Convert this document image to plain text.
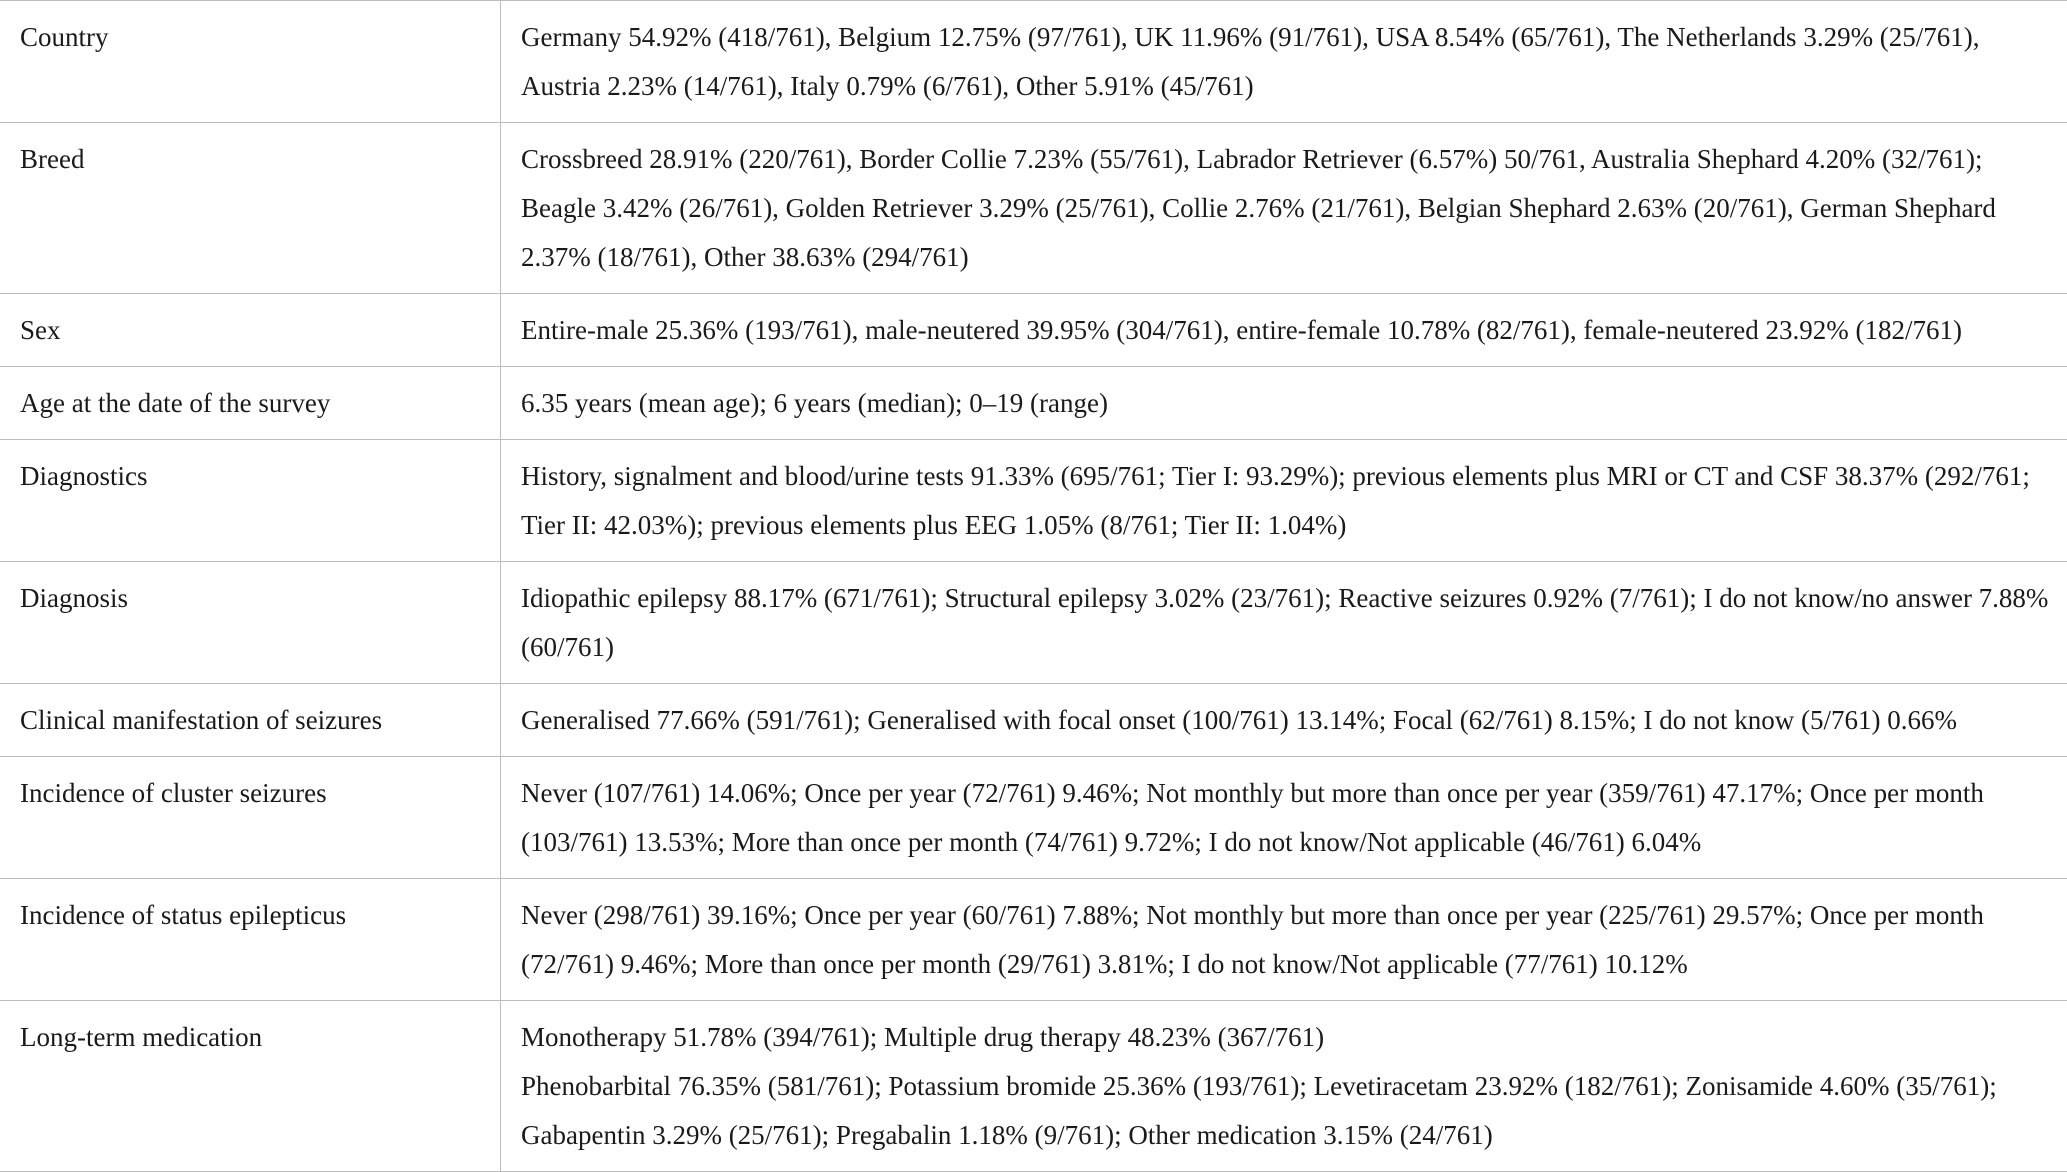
Country	Germany 54.92% (418/761), Belgium 12.75% (97/761), UK 11.96% (91/761), USA 8.54% (65/761), The Netherlands 3.29% (25/761), Austria 2.23% (14/761), Italy 0.79% (6/761), Other 5.91% (45/761)

Breed	Crossbreed 28.91% (220/761), Border Collie 7.23% (55/761), Labrador Retriever (6.57%) 50/761, Australia Shephard 4.20% (32/761); Beagle 3.42% (26/761), Golden Retriever 3.29% (25/761), Collie 2.76% (21/761), Belgian Shephard 2.63% (20/761), German Shephard 2.37% (18/761), Other 38.63% (294/761)

Sex	Entire-male 25.36% (193/761), male-neutered 39.95% (304/761), entire-female 10.78% (82/761), female-neutered 23.92% (182/761)

Age at the date of the survey	6.35 years (mean age); 6 years (median); 0–19 (range)

Diagnostics	History, signalment and blood/urine tests 91.33% (695/761; Tier I: 93.29%); previous elements plus MRI or CT and CSF 38.37% (292/761; Tier II: 42.03%); previous elements plus EEG 1.05% (8/761; Tier II: 1.04%)

Diagnosis	Idiopathic epilepsy 88.17% (671/761); Structural epilepsy 3.02% (23/761); Reactive seizures 0.92% (7/761); I do not know/no answer 7.88% (60/761)

Clinical manifestation of seizures	Generalised 77.66% (591/761); Generalised with focal onset (100/761) 13.14%; Focal (62/761) 8.15%; I do not know (5/761) 0.66%

Incidence of cluster seizures	Never (107/761) 14.06%; Once per year (72/761) 9.46%; Not monthly but more than once per year (359/761) 47.17%; Once per month (103/761) 13.53%; More than once per month (74/761) 9.72%; I do not know/Not applicable (46/761) 6.04%

Incidence of status epilepticus	Never (298/761) 39.16%; Once per year (60/761) 7.88%; Not monthly but more than once per year (225/761) 29.57%; Once per month (72/761) 9.46%; More than once per month (29/761) 3.81%; I do not know/Not applicable (77/761) 10.12%

Long-term medication	Monotherapy 51.78% (394/761); Multiple drug therapy 48.23% (367/761)
Phenobarbital 76.35% (581/761); Potassium bromide 25.36% (193/761); Levetiracetam 23.92% (182/761); Zonisamide 4.60% (35/761); Gabapentin 3.29% (25/761); Pregabalin 1.18% (9/761); Other medication 3.15% (24/761)
